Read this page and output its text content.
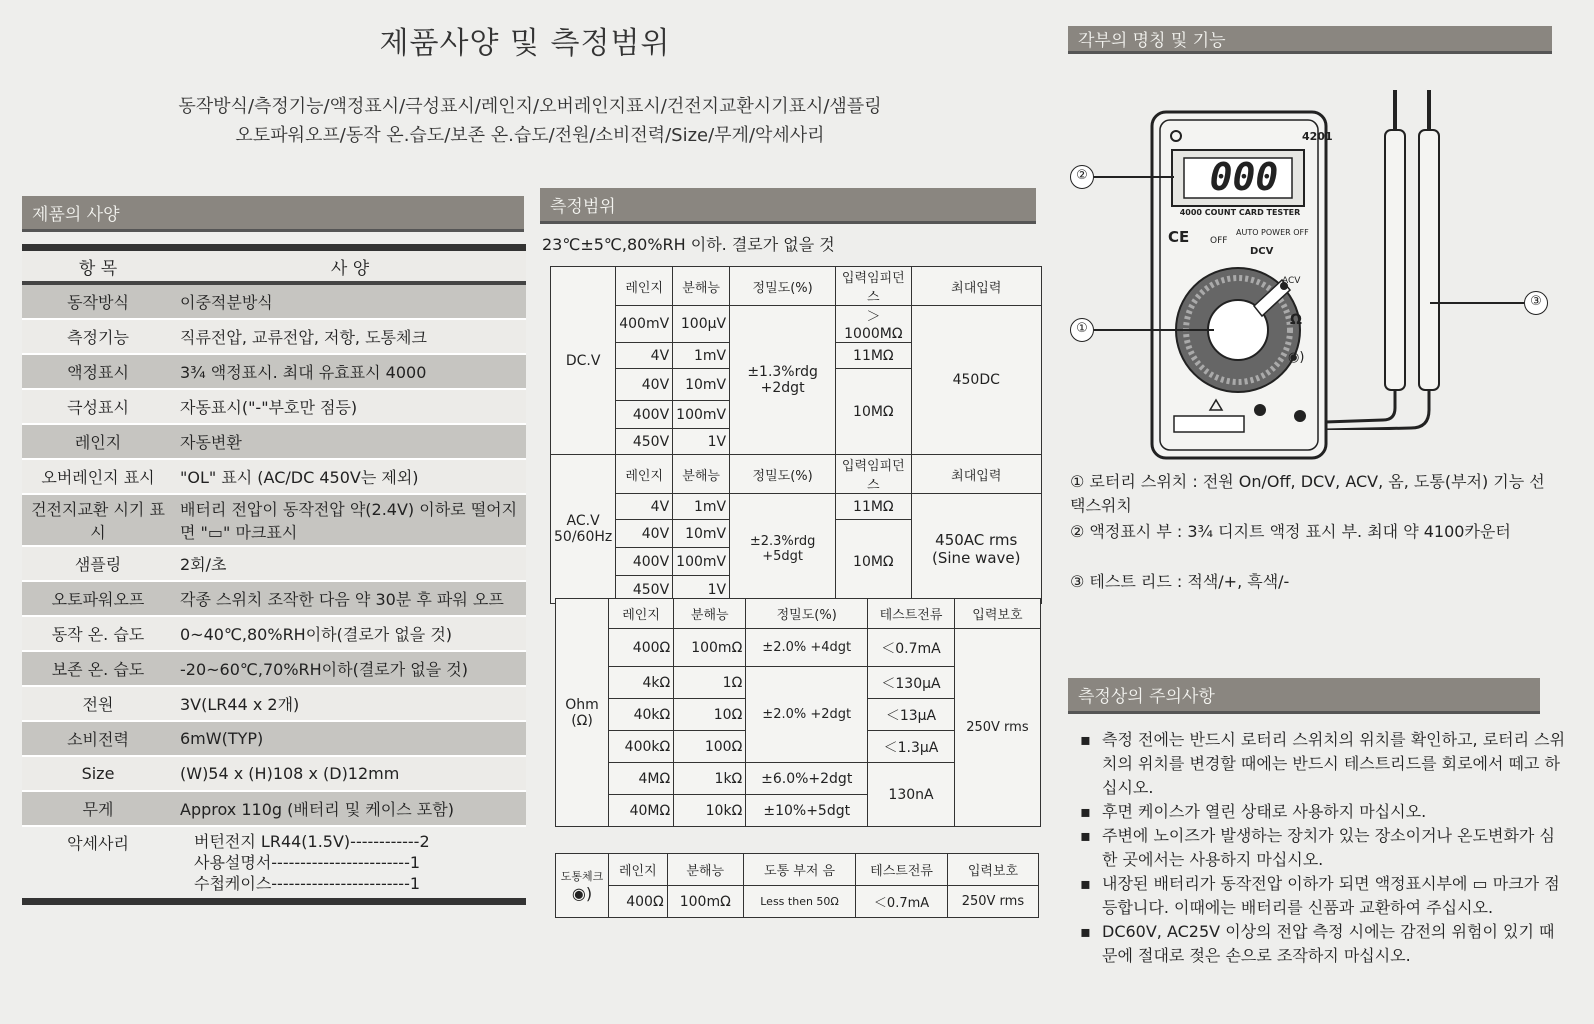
제품사양 및 측정범위
동작방식/측정기능/액정표시/극성표시/레인지/오버레인지표시/건전지교환시기표시/샘플링
오토파워오프/동작 온.습도/보존 온.습도/전원/소비전력/Size/무게/악세사리
제품의 사양
항 목	사 양
동작방식	이중적분방식
측정기능	직류전압, 교류전압, 저항, 도통체크
액정표시	3¾ 액정표시. 최대 유효표시 4000
극성표시	자동표시("-"부호만 점등)
레인지	자동변환
오버레인지 표시	"OL" 표시 (AC/DC 450V는 제외)
건전지교환 시기 표시	배터리 전압이 동작전압 약(2.4V) 이하로 떨어지면 "▭" 마크표시
샘플링	2회/초
오토파워오프	각종 스위치 조작한 다음 약 30분 후 파워 오프
동작 온. 습도	0~40℃,80%RH이하(결로가 없을 것)
보존 온. 습도	-20~60℃,70%RH이하(결로가 없을 것)
전원	3V(LR44 x 2개)
소비전력	6mW(TYP)
Size	(W)54 x (H)108 x (D)12mm
무게	Approx 110g (배터리 및 케이스 포함)
악세사리	버턴전지 LR44(1.5V)------------2
사용설명서------------------------1
수첩케이스------------------------1
측정범위
23℃±5℃,80%RH 이하. 결로가 없을 것
DC.V	레인지	분해능	정밀도(%)	입력임피던스	최대입력
	400mV	100μV	±1.3%rdg +2dgt	＞1000MΩ	450DC
	4V	1mV		11MΩ	
	40V	10mV		10MΩ	
	400V	100mV			
	450V	1V			
AC.V 50/60Hz	레인지	분해능	정밀도(%)	입력임피던스	최대입력
	4V	1mV	±2.3%rdg +5dgt	11MΩ	450AC rms (Sine wave)
	40V	10mV		10MΩ	
	400V	100mV			
	450V	1V			
Ohm (Ω)	레인지	분해능	정밀도(%)	테스트전류	입력보호
	400Ω	100mΩ	±2.0% +4dgt	＜0.7mA	250V rms
	4kΩ	1Ω	±2.0% +2dgt	＜130μA	
	40kΩ	10Ω		＜13μA	
	400kΩ	100Ω		＜1.3μA	
	4MΩ	1kΩ	±6.0%+2dgt	130nA	
	40MΩ	10kΩ	±10%+5dgt		
도통체크
◉)	레인지	분해능	도통 부저 음	테스트전류	입력보호
	400Ω	100mΩ	Less then 50Ω	＜0.7mA	250V rms
각부의 명칭 및 기능
4201
000
4000 COUNT CARD TESTER
CE	AUTO POWER OFF
OFF
DCV
ACV
Ω
◉)
②
①
③
① 로터리 스위치 : 전원 On/Off, DCV, ACV, 옴, 도통(부저) 기능 선택스위치
② 액정표시 부 : 3¾ 디지트 액정 표시 부. 최대 약 4100카운터
③ 테스트 리드 : 적색/+, 흑색/-
측정상의 주의사항
▪ 측정 전에는 반드시 로터리 스위치의 위치를 확인하고, 로터리 스위치의 위치를 변경할 때에는 반드시 테스트리드를 회로에서 떼고 하십시오.
▪ 후면 케이스가 열린 상태로 사용하지 마십시오.
▪ 주변에 노이즈가 발생하는 장치가 있는 장소이거나 온도변화가 심한 곳에서는 사용하지 마십시오.
▪ 내장된 배터리가 동작전압 이하가 되면 액정표시부에 ▭ 마크가 점등합니다. 이때에는 배터리를 신품과 교환하여 주십시오.
▪ DC60V, AC25V 이상의 전압 측정 시에는 감전의 위험이 있기 때문에 절대로 젖은 손으로 조작하지 마십시오.
